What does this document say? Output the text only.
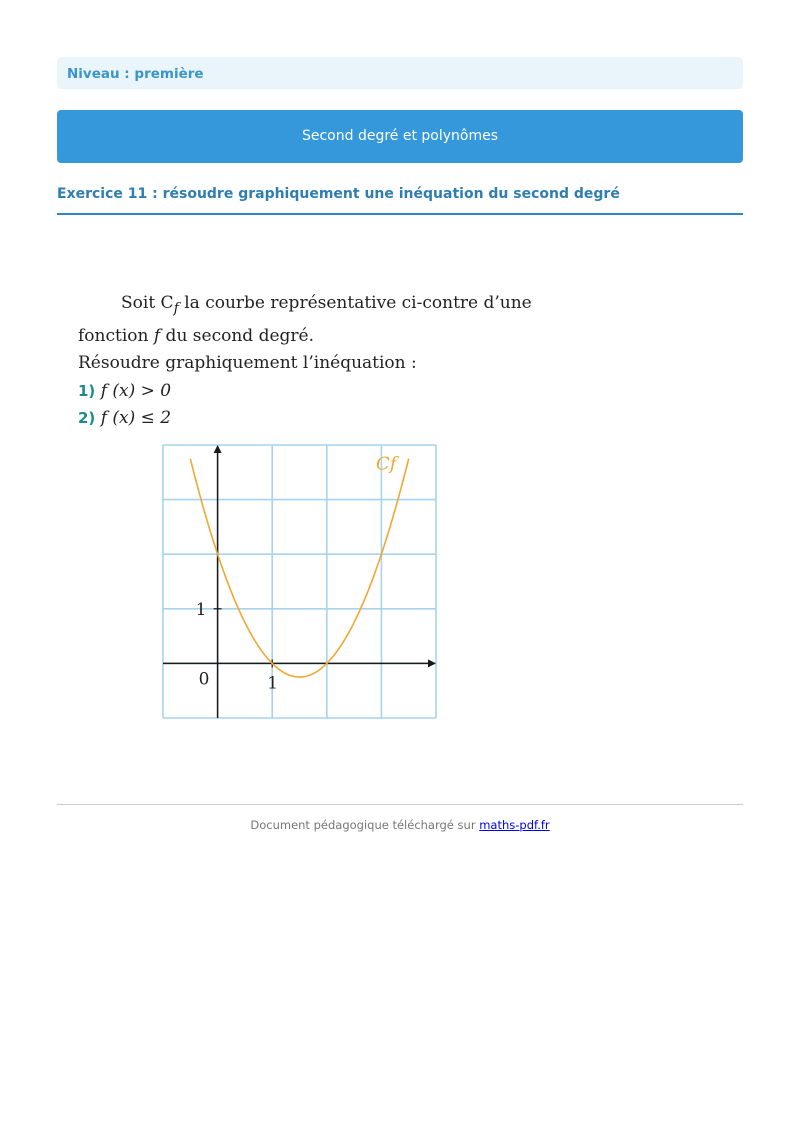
Niveau : première
Second degré et polynômes
Exercice 11 : résoudre graphiquement une inéquation du second degré

Soit $C_f$ la courbe représentative ci-contre d’une

fonction f du second degré.

Résoudre graphiquement l’inéquation :

1) f (x) > 0

2) f (x) ≤ 2

0	1
1
Cf
Document pédagogique téléchargé sur maths-pdf.fr
